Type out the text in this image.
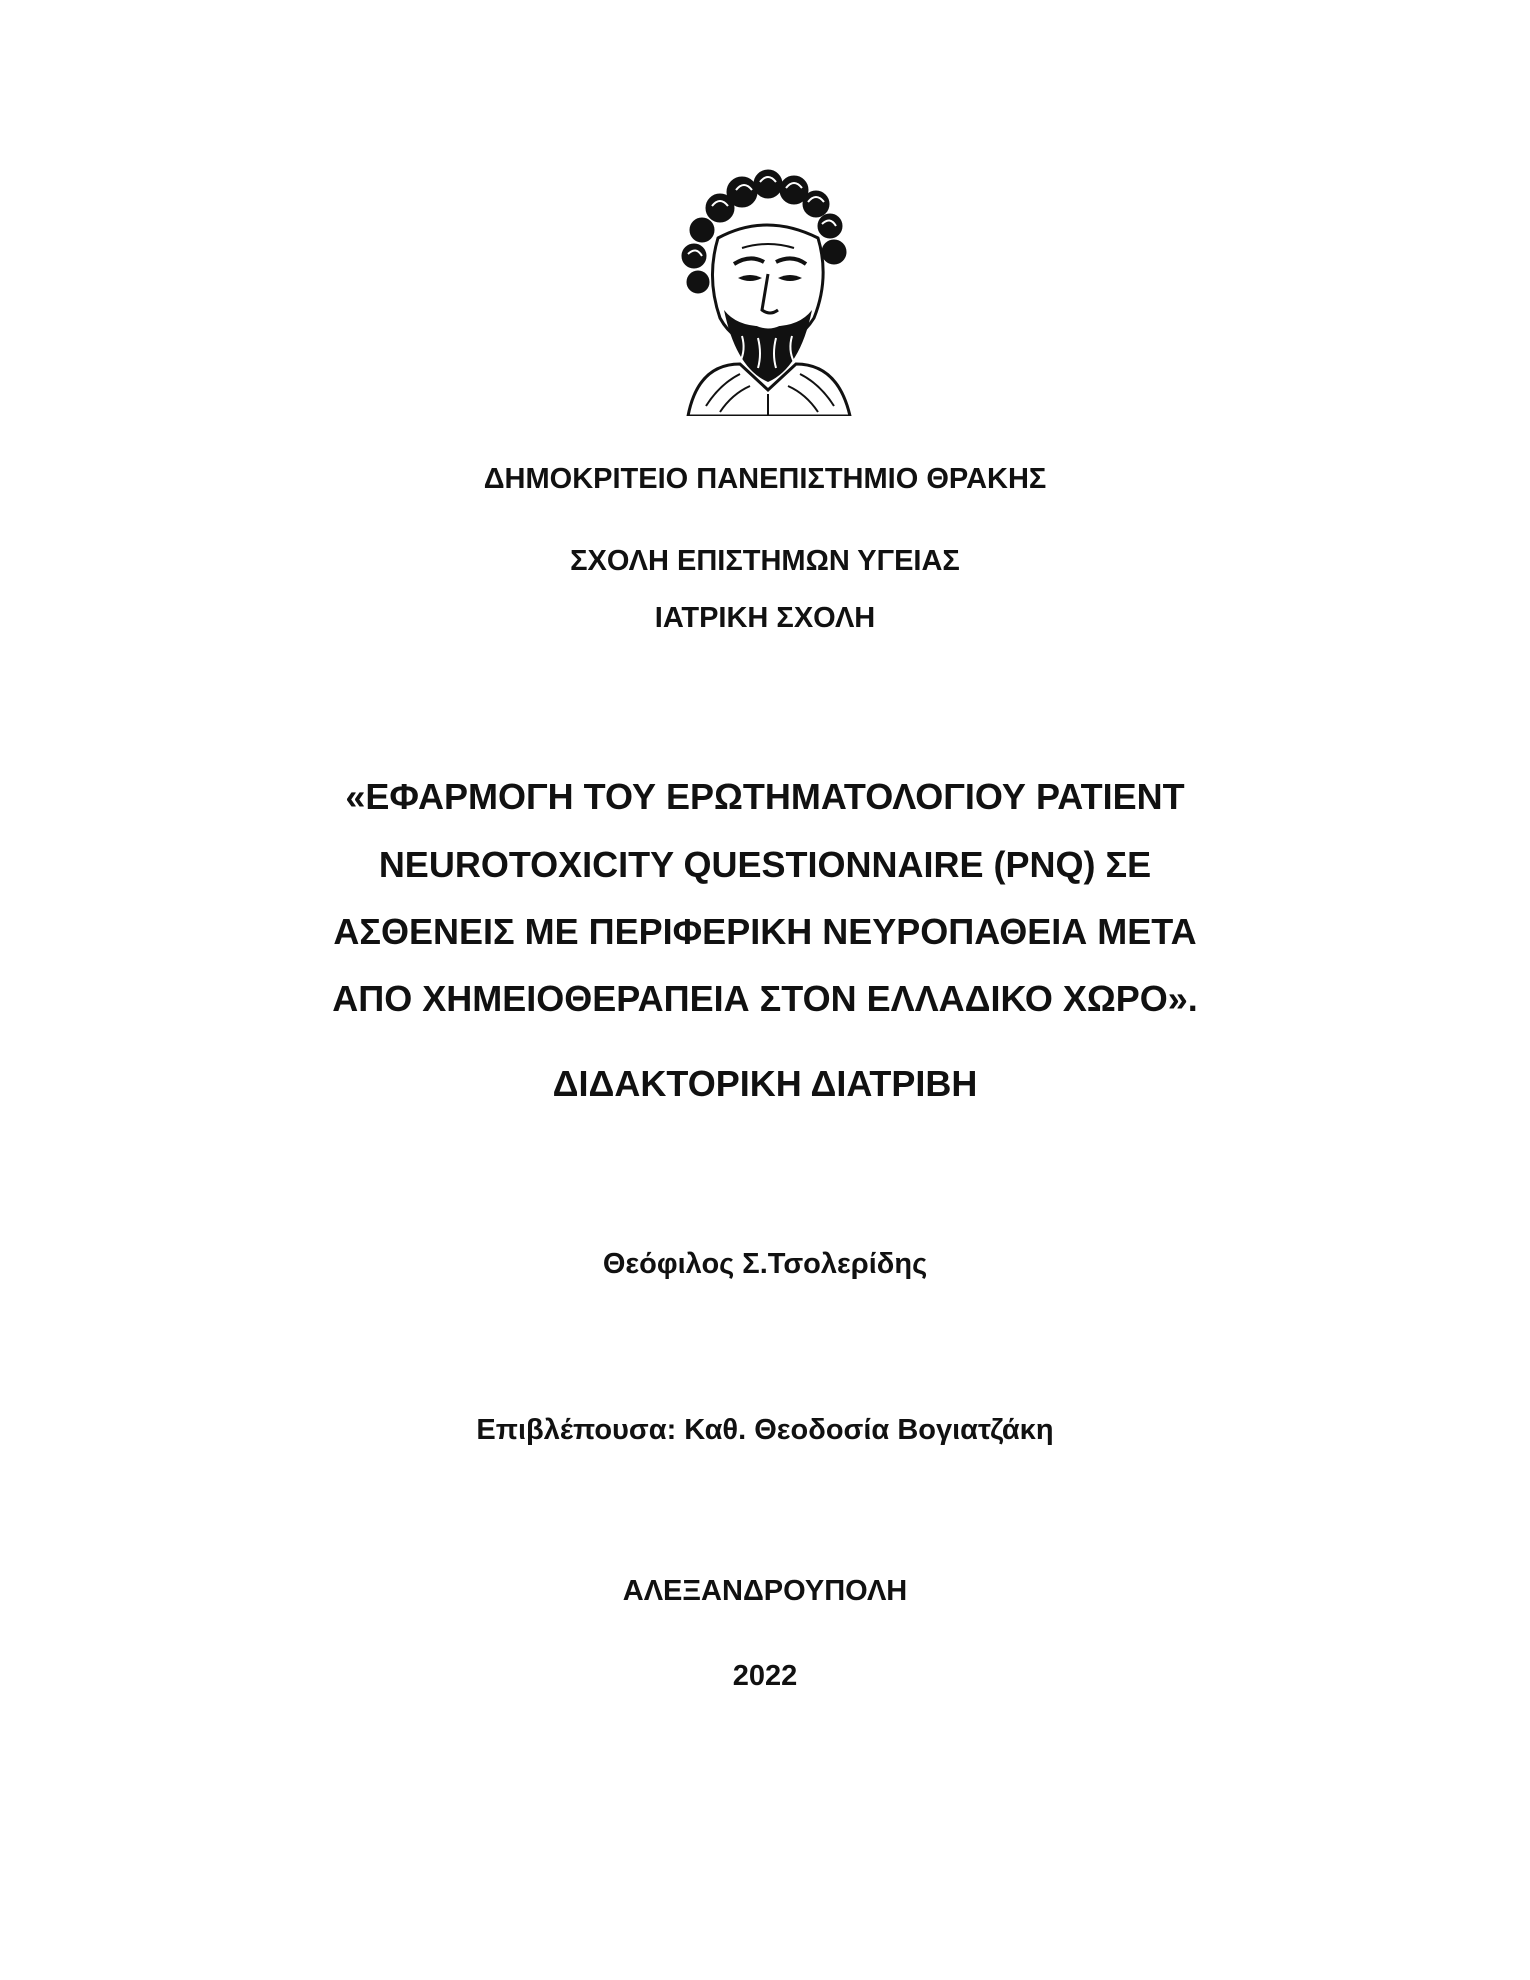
ΔΗΜΟΚΡΙΤΕΙΟ ΠΑΝΕΠΙΣΤΗΜΙΟ ΘΡΑΚΗΣ
ΣΧΟΛΗ ΕΠΙΣΤΗΜΩΝ ΥΓΕΙΑΣ
ΙΑΤΡΙΚΗ ΣΧΟΛΗ
«ΕΦΑΡΜΟΓΗ ΤΟΥ ΕΡΩΤΗΜΑΤΟΛΟΓΙΟΥ PATIENT
NEUROTOXICITY QUESTIONNAIRE (PNQ) ΣΕ
ΑΣΘΕΝΕΙΣ ΜΕ ΠΕΡΙΦΕΡΙΚΗ ΝΕΥΡΟΠΑΘΕΙΑ ΜΕΤΑ
ΑΠΟ ΧΗΜΕΙΟΘΕΡΑΠΕΙΑ ΣΤΟΝ ΕΛΛΑΔΙΚΟ ΧΩΡΟ».
ΔΙΔΑΚΤΟΡΙΚΗ ΔΙΑΤΡΙΒΗ
Θεόφιλος Σ.Τσολερίδης
Επιβλέπουσα: Καθ. Θεοδοσία Βογιατζάκη
ΑΛΕΞΑΝΔΡΟΥΠΟΛΗ
2022
